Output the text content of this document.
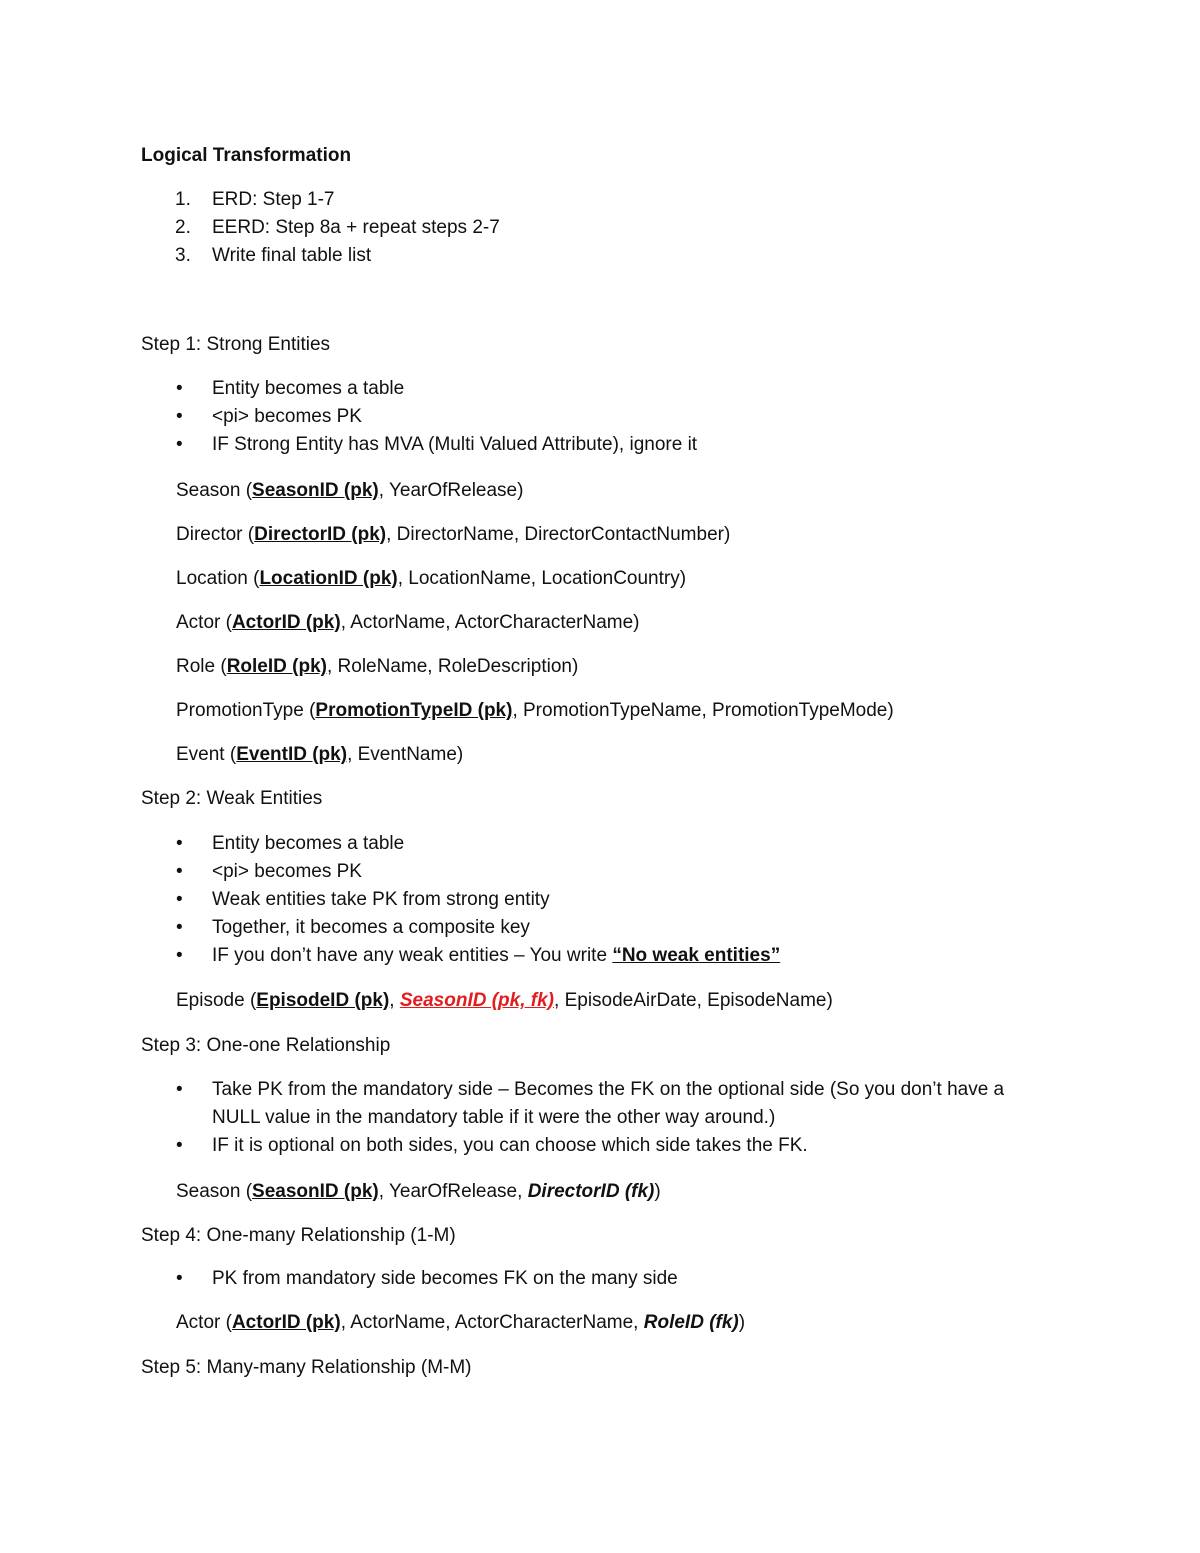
Logical Transformation
1. ERD: Step 1-7
2. EERD: Step 8a + repeat steps 2-7
3. Write final table list
Step 1: Strong Entities
• Entity becomes a table
• <pi> becomes PK
• IF Strong Entity has MVA (Multi Valued Attribute), ignore it
Season (SeasonID (pk), YearOfRelease)
Director (DirectorID (pk), DirectorName, DirectorContactNumber)
Location (LocationID (pk), LocationName, LocationCountry)
Actor (ActorID (pk), ActorName, ActorCharacterName)
Role (RoleID (pk), RoleName, RoleDescription)
PromotionType (PromotionTypeID (pk), PromotionTypeName, PromotionTypeMode)
Event (EventID (pk), EventName)
Step 2: Weak Entities
• Entity becomes a table
• <pi> becomes PK
• Weak entities take PK from strong entity
• Together, it becomes a composite key
• IF you don’t have any weak entities – You write “No weak entities”
Episode (EpisodeID (pk), SeasonID (pk, fk), EpisodeAirDate, EpisodeName)
Step 3: One-one Relationship
• Take PK from the mandatory side – Becomes the FK on the optional side (So you don’t have a
NULL value in the mandatory table if it were the other way around.)
• IF it is optional on both sides, you can choose which side takes the FK.
Season (SeasonID (pk), YearOfRelease, DirectorID (fk))
Step 4: One-many Relationship (1-M)
• PK from mandatory side becomes FK on the many side
Actor (ActorID (pk), ActorName, ActorCharacterName, RoleID (fk))
Step 5: Many-many Relationship (M-M)
